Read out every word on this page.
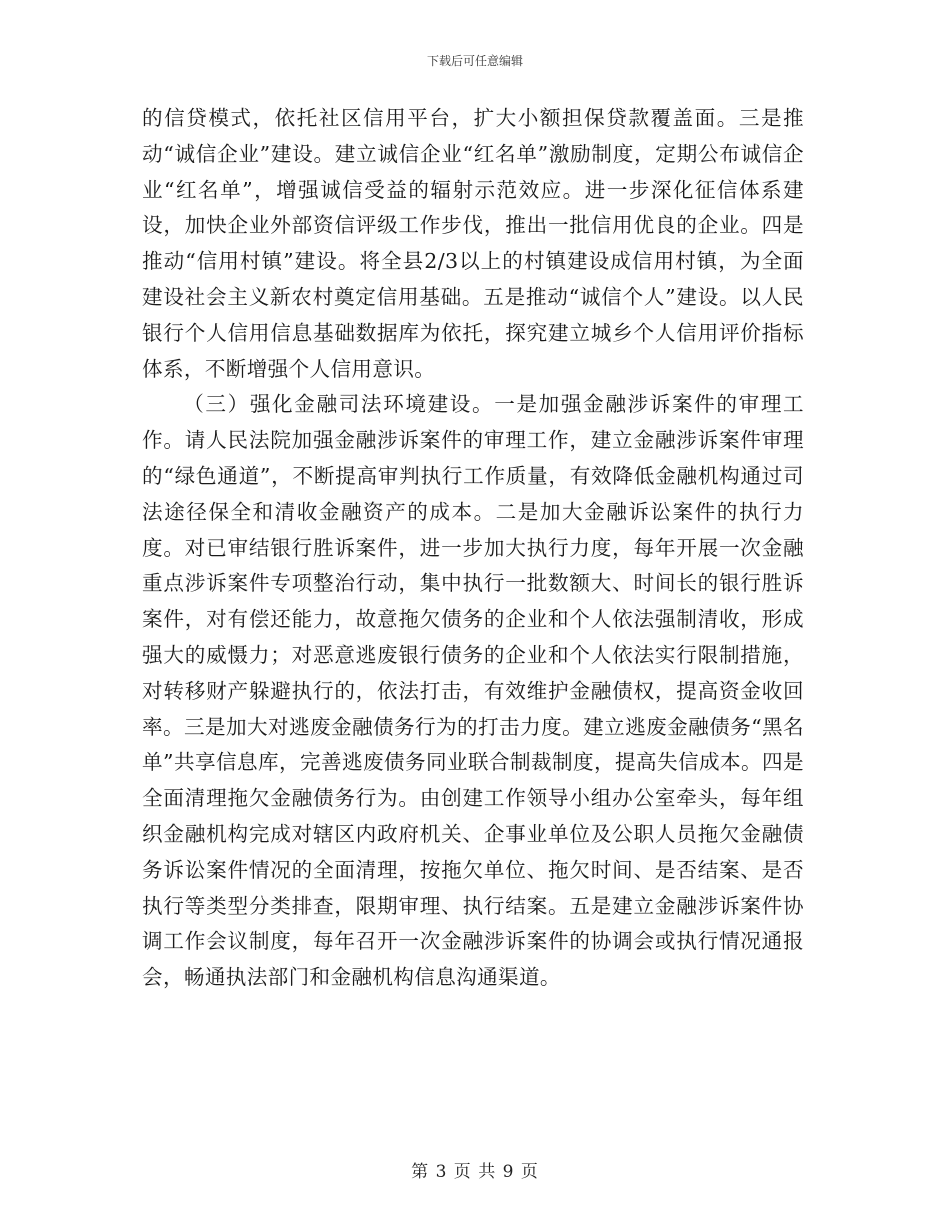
下载后可任意编辑

的信贷模式，依托社区信用平台，扩大小额担保贷款覆盖面。三是推动“诚信企业”建设。建立诚信企业“红名单”激励制度，定期公布诚信企业“红名单”，增强诚信受益的辐射示范效应。进一步深化征信体系建设，加快企业外部资信评级工作步伐，推出一批信用优良的企业。四是推动“信用村镇”建设。将全县2/3以上的村镇建设成信用村镇，为全面建设社会主义新农村奠定信用基础。五是推动“诚信个人”建设。以人民银行个人信用信息基础数据库为依托，探究建立城乡个人信用评价指标体系，不断增强个人信用意识。

（三）强化金融司法环境建设。一是加强金融涉诉案件的审理工作。请人民法院加强金融涉诉案件的审理工作，建立金融涉诉案件审理的“绿色通道”，不断提高审判执行工作质量，有效降低金融机构通过司法途径保全和清收金融资产的成本。二是加大金融诉讼案件的执行力度。对已审结银行胜诉案件，进一步加大执行力度，每年开展一次金融重点涉诉案件专项整治行动，集中执行一批数额大、时间长的银行胜诉案件，对有偿还能力，故意拖欠债务的企业和个人依法强制清收，形成强大的威慑力；对恶意逃废银行债务的企业和个人依法实行限制措施，对转移财产躲避执行的，依法打击，有效维护金融债权，提高资金收回率。三是加大对逃废金融债务行为的打击力度。建立逃废金融债务“黑名单”共享信息库，完善逃废债务同业联合制裁制度，提高失信成本。四是全面清理拖欠金融债务行为。由创建工作领导小组办公室牵头，每年组织金融机构完成对辖区内政府机关、企事业单位及公职人员拖欠金融债务诉讼案件情况的全面清理，按拖欠单位、拖欠时间、是否结案、是否执行等类型分类排查，限期审理、执行结案。五是建立金融涉诉案件协调工作会议制度，每年召开一次金融涉诉案件的协调会或执行情况通报会，畅通执法部门和金融机构信息沟通渠道。

第 3 页 共 9 页
